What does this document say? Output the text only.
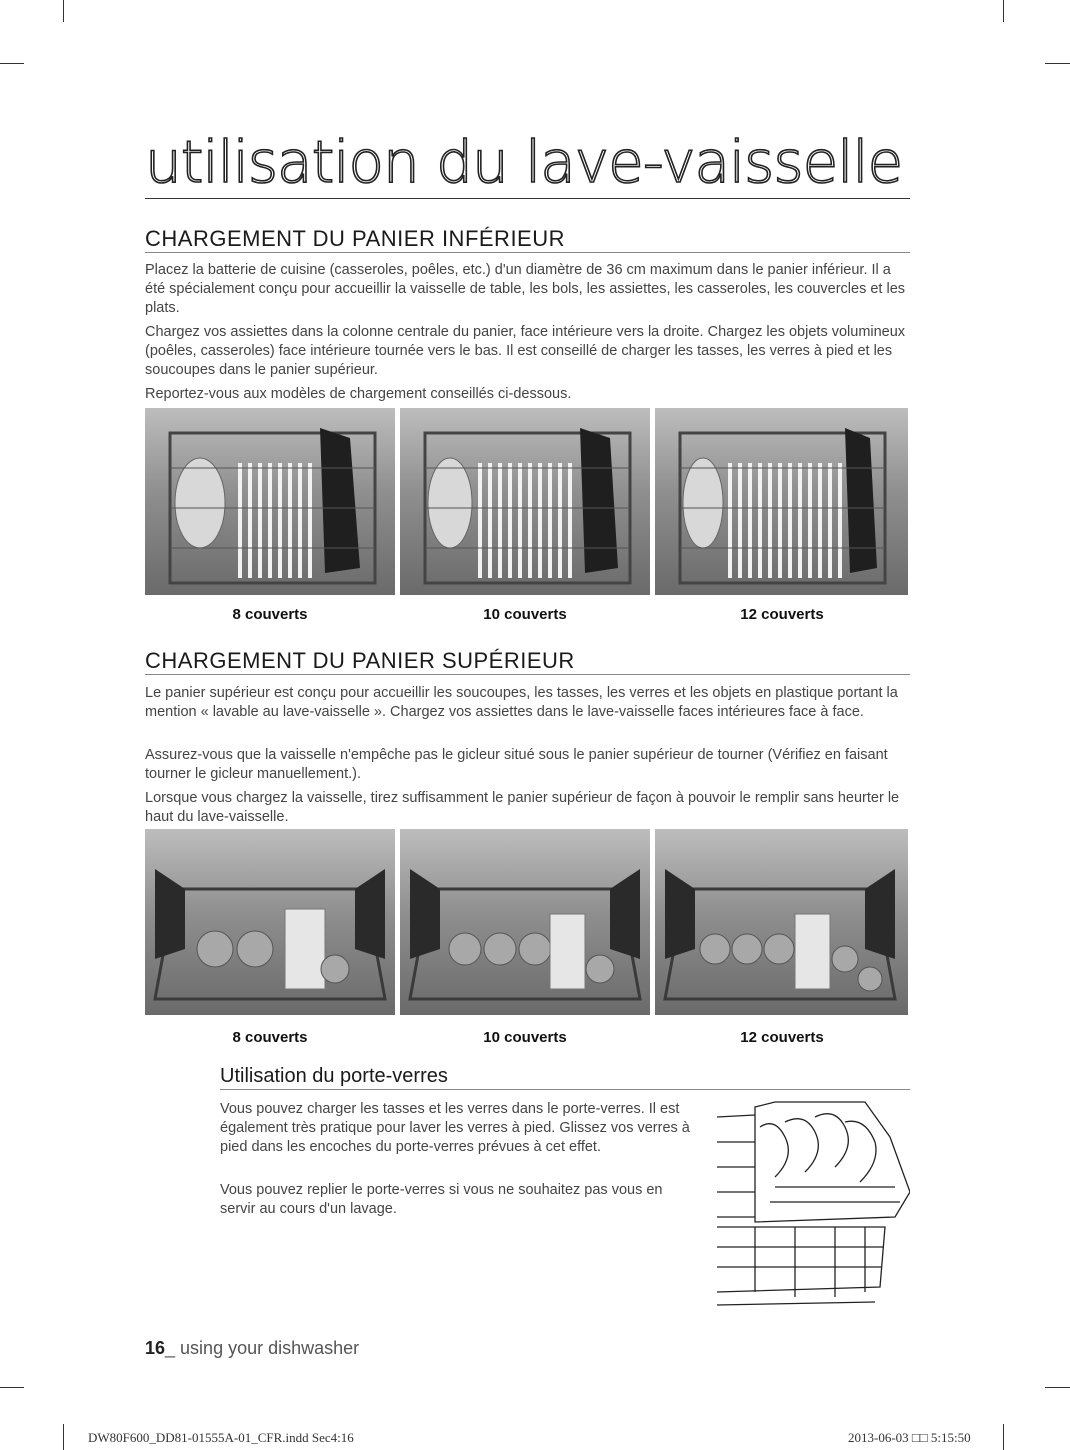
utilisation du lave-vaisselle
CHARGEMENT DU PANIER INFÉRIEUR

Placez la batterie de cuisine (casseroles, poêles, etc.) d'un diamètre de 36 cm maximum dans le panier inférieur. Il a été spécialement conçu pour accueillir la vaisselle de table, les bols, les assiettes, les casseroles, les couvercles et les plats.

Chargez vos assiettes dans la colonne centrale du panier, face intérieure vers la droite. Chargez les objets volumineux (poêles, casseroles) face intérieure tournée vers le bas. Il est conseillé de charger les tasses, les verres à pied et les soucoupes dans le panier supérieur.

Reportez-vous aux modèles de chargement conseillés ci-dessous.

8 couverts	10 couverts	12 couverts
CHARGEMENT DU PANIER SUPÉRIEUR

Le panier supérieur est conçu pour accueillir les soucoupes, les tasses, les verres et les objets en plastique portant la mention « lavable au lave-vaisselle ». Chargez vos assiettes dans le lave-vaisselle faces intérieures face à face.

Assurez-vous que la vaisselle n'empêche pas le gicleur situé sous le panier supérieur de tourner (Vérifiez en faisant tourner le gicleur manuellement.).

Lorsque vous chargez la vaisselle, tirez suffisamment le panier supérieur de façon à pouvoir le remplir sans heurter le haut du lave-vaisselle.

8 couverts	10 couverts	12 couverts
Utilisation du porte-verres

Vous pouvez charger les tasses et les verres dans le porte-verres. Il est également très pratique pour laver les verres à pied. Glissez vos verres à pied dans les encoches du porte-verres prévues à cet effet.

Vous pouvez replier le porte-verres si vous ne souhaitez pas vous en servir au cours d'un lavage.

16_ using your dishwasher
DW80F600_DD81-01555A-01_CFR.indd Sec4:16	2013-06-03 □□ 5:15:50
